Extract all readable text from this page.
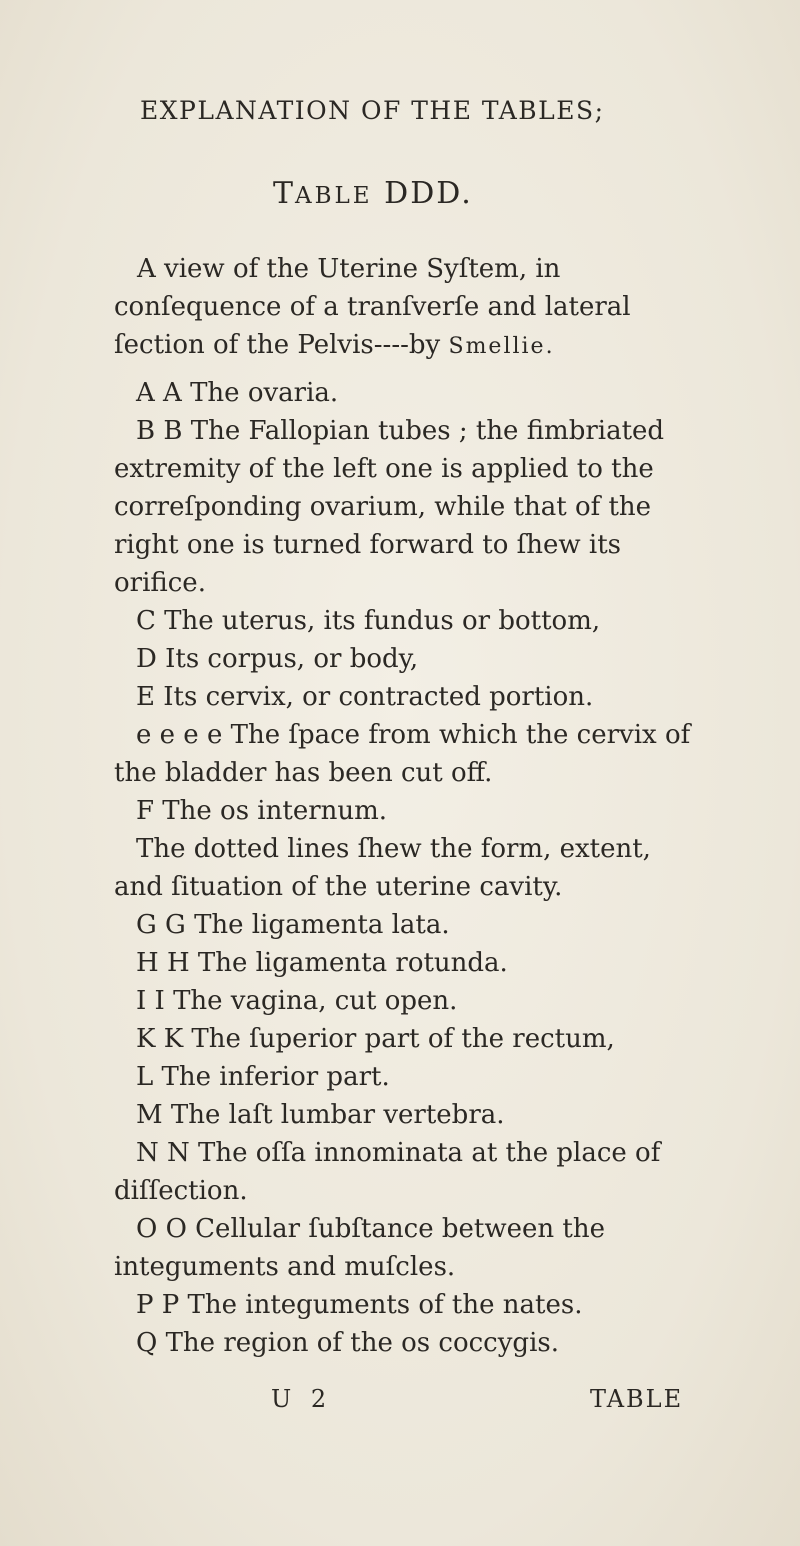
EXPLANATION OF THE TABLES;
TABLE DDD.

A view of the Uterine Syſtem, in conſequence of a tranſverſe and lateral ſection of the Pelvis----by Smellie.

A A The ovaria.

B B The Fallopian tubes ; the fimbriated extremity of the left one is applied to the correſponding ovarium, while that of the right one is turned forward to ſhew its orifice.

C The uterus, its fundus or bottom,

D Its corpus, or body,

E Its cervix, or contracted portion.

e e e e The ſpace from which the cervix of the bladder has been cut off.

F The os internum.

The dotted lines ſhew the form, extent, and ſituation of the uterine cavity.

G G The ligamenta lata.

H H The ligamenta rotunda.

I I The vagina, cut open.

K K The ſuperior part of the rectum,

L The inferior part.

M The laſt lumbar vertebra.

N N The oſſa innominata at the place of diſſection.

O O Cellular ſubſtance between the integuments and muſcles.

P P The integuments of the nates.

Q The region of the os coccygis.

U 2	TABLE
